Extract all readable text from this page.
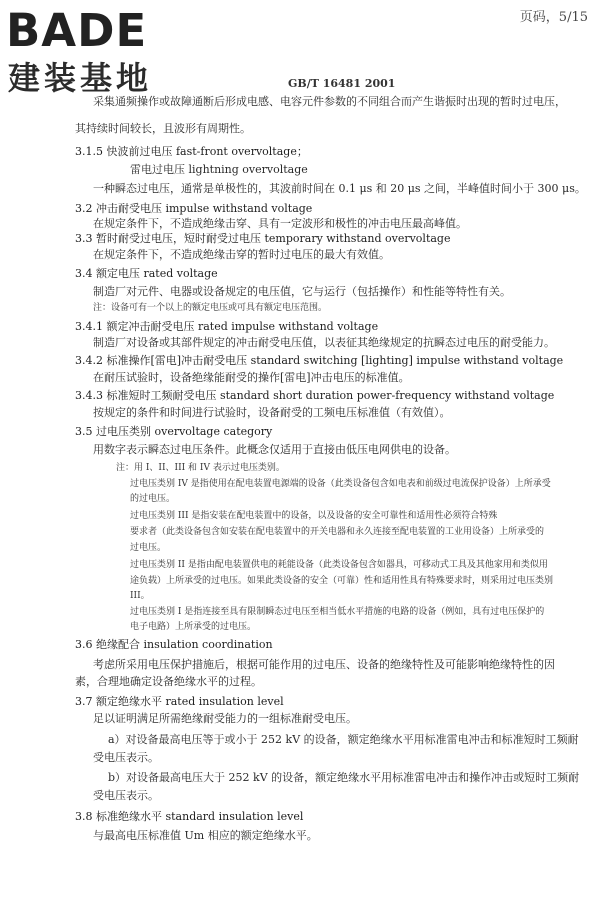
BADE
建装基地
页码，5/15
GB/T 16481 2001
采集通频操作或故障通断后形成电感、电容元件参数的不同组合而产生谐振时出现的暂时过电压，
其持续时间较长，且波形有周期性。
3.1.5 快波前过电压 fast-front overvoltage；
雷电过电压 lightning overvoltage
一种瞬态过电压，通常是单极性的，其波前时间在 0.1 μs 和 20 μs 之间，半峰值时间小于 300 μs。
3.2 冲击耐受电压 impulse withstand voltage
在规定条件下，不造成绝缘击穿、具有一定波形和极性的冲击电压最高峰值。
3.3 暂时耐受过电压，短时耐受过电压 temporary withstand overvoltage
在规定条件下，不造成绝缘击穿的暂时过电压的最大有效值。
3.4 额定电压 rated voltage
制造厂对元件、电器或设备规定的电压值，它与运行（包括操作）和性能等特性有关。
注：设备可有一个以上的额定电压或可具有额定电压范围。
3.4.1 额定冲击耐受电压 rated impulse withstand voltage
制造厂对设备或其部件规定的冲击耐受电压值，以表征其绝缘规定的抗瞬态过电压的耐受能力。
3.4.2 标准操作[雷电]冲击耐受电压 standard switching [lighting] impulse withstand voltage
在耐压试验时，设备绝缘能耐受的操作[雷电]冲击电压的标准值。
3.4.3 标准短时工频耐受电压 standard short duration power-frequency withstand voltage
按规定的条件和时间进行试验时，设备耐受的工频电压标准值（有效值）。
3.5 过电压类别 overvoltage category
用数字表示瞬态过电压条件。此概念仅适用于直接由低压电网供电的设备。
注：用 I、II、III 和 IV 表示过电压类别。
过电压类别 IV 是指使用在配电装置电源端的设备（此类设备包含如电表和前级过电流保护设备）上所承受
的过电压。
过电压类别 III 是指安装在配电装置中的设备，以及设备的安全可靠性和适用性必须符合特殊
要求者（此类设备包含如安装在配电装置中的开关电器和永久连接至配电装置的工业用设备）上所承受的
过电压。
过电压类别 II 是指由配电装置供电的耗能设备（此类设备包含如器具，可移动式工具及其他家用和类似用
途负载）上所承受的过电压。如果此类设备的安全（可靠）性和适用性具有特殊要求时，则采用过电压类别
III。
过电压类别 I 是指连接至具有限制瞬态过电压至相当低水平措施的电路的设备（例如，具有过电压保护的
电子电路）上所承受的过电压。
3.6 绝缘配合 insulation coordination
考虑所采用电压保护措施后，根据可能作用的过电压、设备的绝缘特性及可能影响绝缘特性的因
素，合理地确定设备绝缘水平的过程。
3.7 额定绝缘水平 rated insulation level
足以证明满足所需绝缘耐受能力的一组标准耐受电压。
a）对设备最高电压等于或小于 252 kV 的设备，额定绝缘水平用标准雷电冲击和标准短时工频耐
受电压表示。
b）对设备最高电压大于 252 kV 的设备，额定绝缘水平用标准雷电冲击和操作冲击或短时工频耐
受电压表示。
3.8 标准绝缘水平 standard insulation level
与最高电压标准值 Um 相应的额定绝缘水平。
